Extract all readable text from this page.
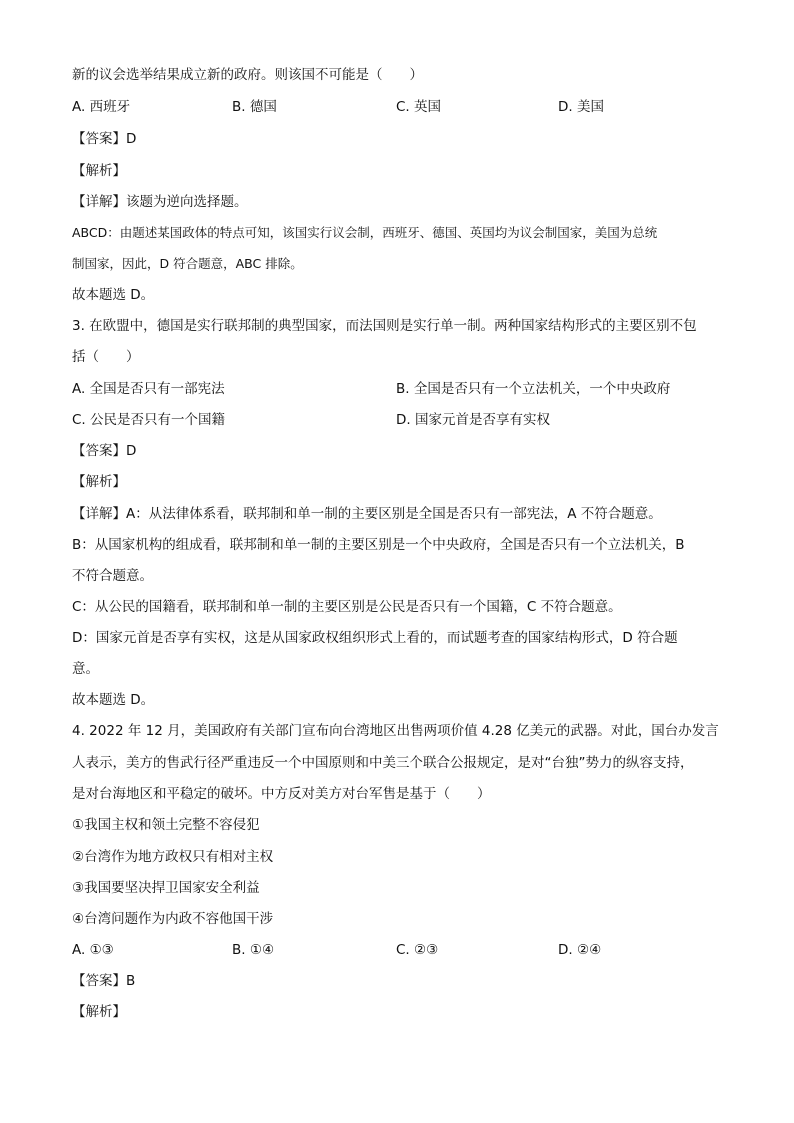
新的议会选举结果成立新的政府。则该国不可能是（　　）
A. 西班牙	B. 德国	C. 英国	D. 美国
【答案】D
【解析】
【详解】该题为逆向选择题。
ABCD：由题述某国政体的特点可知，该国实行议会制，西班牙、德国、英国均为议会制国家，美国为总统
制国家，因此，D 符合题意，ABC 排除。
故本题选 D。
3. 在欧盟中，德国是实行联邦制的典型国家，而法国则是实行单一制。两种国家结构形式的主要区别不包
括（　　）
A. 全国是否只有一部宪法	B. 全国是否只有一个立法机关，一个中央政府
C. 公民是否只有一个国籍	D. 国家元首是否享有实权
【答案】D
【解析】
【详解】A：从法律体系看，联邦制和单一制的主要区别是全国是否只有一部宪法，A 不符合题意。
B：从国家机构的组成看，联邦制和单一制的主要区别是一个中央政府，全国是否只有一个立法机关，B
不符合题意。
C：从公民的国籍看，联邦制和单一制的主要区别是公民是否只有一个国籍，C 不符合题意。
D：国家元首是否享有实权，这是从国家政权组织形式上看的，而试题考查的国家结构形式，D 符合题
意。
故本题选 D。
4. 2022 年 12 月，美国政府有关部门宣布向台湾地区出售两项价值 4.28 亿美元的武器。对此，国台办发言
人表示，美方的售武行径严重违反一个中国原则和中美三个联合公报规定，是对“台独”势力的纵容支持，
是对台海地区和平稳定的破坏。中方反对美方对台军售是基于（　　）
①我国主权和领土完整不容侵犯
②台湾作为地方政权只有相对主权
③我国要坚决捍卫国家安全利益
④台湾问题作为内政不容他国干涉
A. ①③	B. ①④	C. ②③	D. ②④
【答案】B
【解析】
